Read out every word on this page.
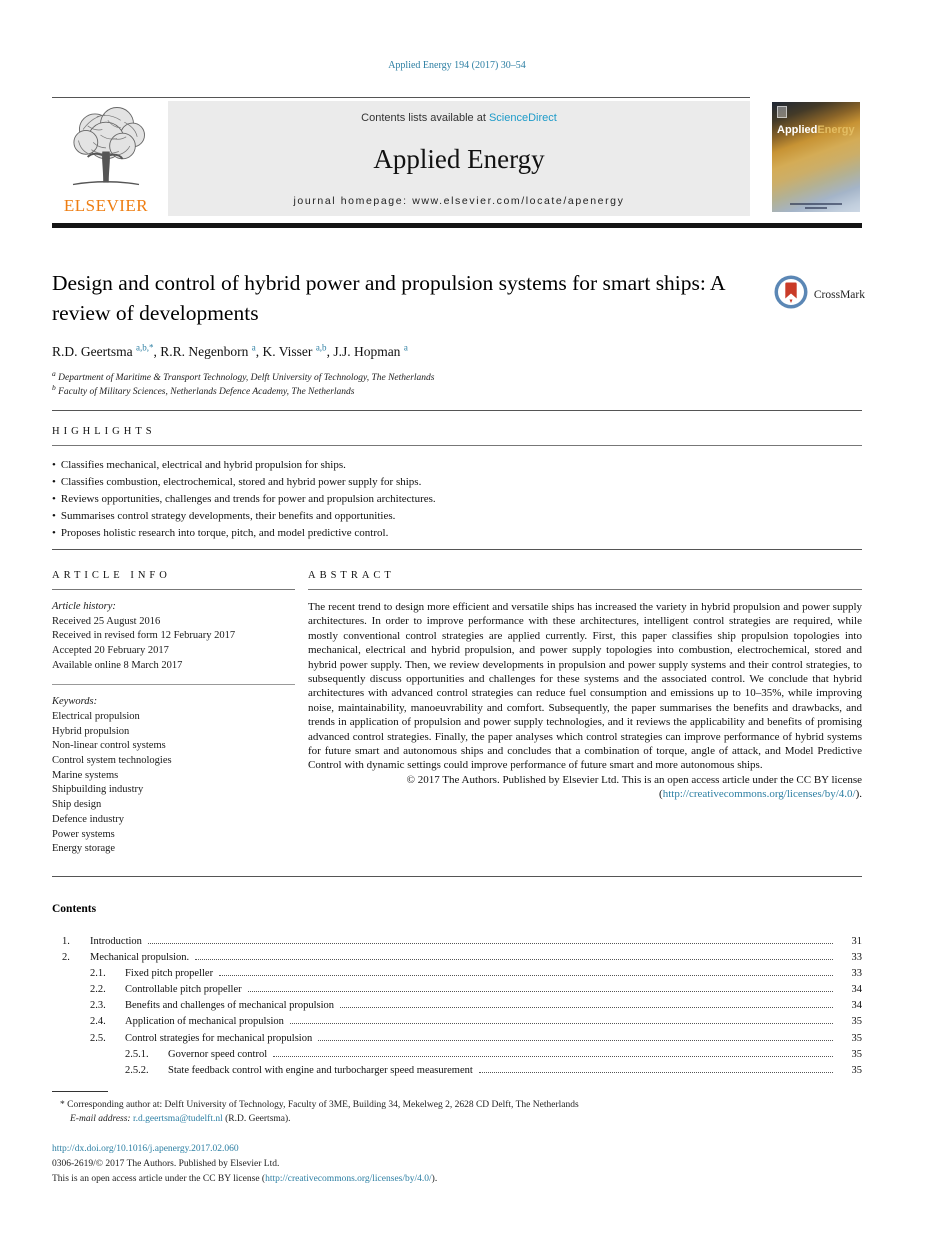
Applied Energy 194 (2017) 30–54
ELSEVIER
Contents lists available at ScienceDirect
Applied Energy
journal homepage: www.elsevier.com/locate/apenergy
AppliedEnergy
Design and control of hybrid power and propulsion systems for smart ships: A review of developments
CrossMark
R.D. Geertsma $^{a,b,*}$, R.R. Negenborn $^a$, K. Visser $^{a,b}$, J.J. Hopman $^a$
$^a$ Department of Maritime & Transport Technology, Delft University of Technology, The Netherlands
$^b$ Faculty of Military Sciences, Netherlands Defence Academy, The Netherlands
HIGHLIGHTS
• Classifies mechanical, electrical and hybrid propulsion for ships.
• Classifies combustion, electrochemical, stored and hybrid power supply for ships.
• Reviews opportunities, challenges and trends for power and propulsion architectures.
• Summarises control strategy developments, their benefits and opportunities.
• Proposes holistic research into torque, pitch, and model predictive control.
ARTICLE INFO
Article history:
Received 25 August 2016
Received in revised form 12 February 2017
Accepted 20 February 2017
Available online 8 March 2017
Keywords:
Electrical propulsion
Hybrid propulsion
Non-linear control systems
Control system technologies
Marine systems
Shipbuilding industry
Ship design
Defence industry
Power systems
Energy storage
ABSTRACT
The recent trend to design more efficient and versatile ships has increased the variety in hybrid propulsion and power supply architectures. In order to improve performance with these architectures, intelligent control strategies are required, while mostly conventional control strategies are applied currently. First, this paper classifies ship propulsion topologies into mechanical, electrical and hybrid propulsion, and power supply topologies into combustion, electrochemical, stored and hybrid power supply. Then, we review developments in propulsion and power supply systems and their control strategies, to subsequently discuss opportunities and challenges for these systems and the associated control. We conclude that hybrid architectures with advanced control strategies can reduce fuel consumption and emissions up to 10–35%, while improving noise, maintainability, manoeuvrability and comfort. Subsequently, the paper summarises the benefits and drawbacks, and trends in application of propulsion and power supply technologies, and it reviews the applicability and benefits of promising advanced control strategies. Finally, the paper analyses which control strategies can improve performance of hybrid systems for future smart and autonomous ships and concludes that a combination of torque, angle of attack, and Model Predictive Control with dynamic settings could improve performance of future smart and more autonomous ships.
© 2017 The Authors. Published by Elsevier Ltd. This is an open access article under the CC BY license (http://creativecommons.org/licenses/by/4.0/).
Contents
1.	Introduction	31
2.	Mechanical propulsion.	33
2.1.	Fixed pitch propeller	33
2.2.	Controllable pitch propeller	34
2.3.	Benefits and challenges of mechanical propulsion	34
2.4.	Application of mechanical propulsion	35
2.5.	Control strategies for mechanical propulsion	35
2.5.1.	Governor speed control	35
2.5.2.	State feedback control with engine and turbocharger speed measurement	35
* Corresponding author at: Delft University of Technology, Faculty of 3ME, Building 34, Mekelweg 2, 2628 CD Delft, The Netherlands
E-mail address: r.d.geertsma@tudelft.nl (R.D. Geertsma).
http://dx.doi.org/10.1016/j.apenergy.2017.02.060
0306-2619/© 2017 The Authors. Published by Elsevier Ltd.
This is an open access article under the CC BY license (http://creativecommons.org/licenses/by/4.0/).
